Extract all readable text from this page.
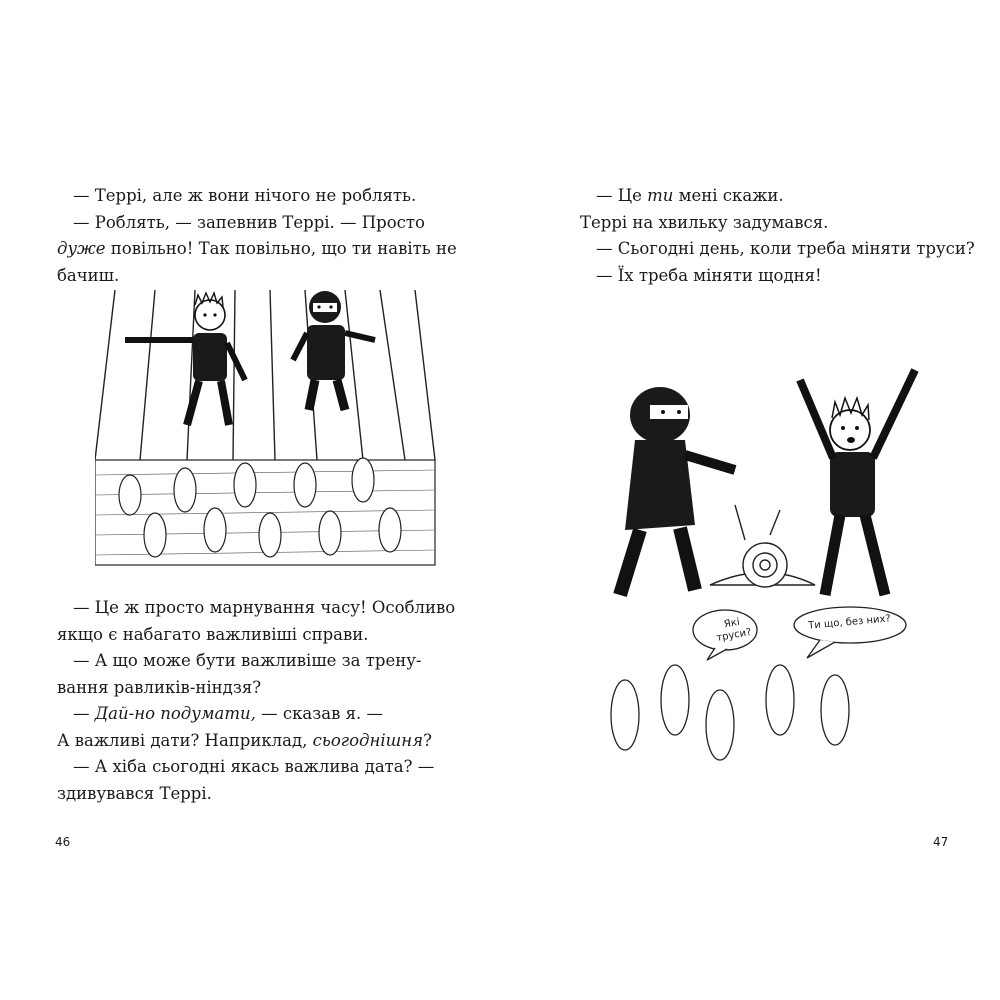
— Террі, але ж вони нічого не роблять.

— Роблять, — запевнив Террі. — Просто

дуже повільно! Так повільно, що ти навіть не

бачиш.

— Це ж просто марнування часу! Особливо

якщо є набагато важливіші справи.

— А що може бути важливіше за трену-

вання равликів-ніндзя?

— Дай-но подумати, — сказав я. —

А важливі дати? Наприклад, сьогоднішня?

— А хіба сьогодні якась важлива дата? —

здивувався Террі.

46

— Це ти мені скажи.

Террі на хвильку задумався.

— Сьогодні день, коли треба міняти труси?

— Їх треба міняти щодня!

Які
труси?
Ти що, без них?
47
